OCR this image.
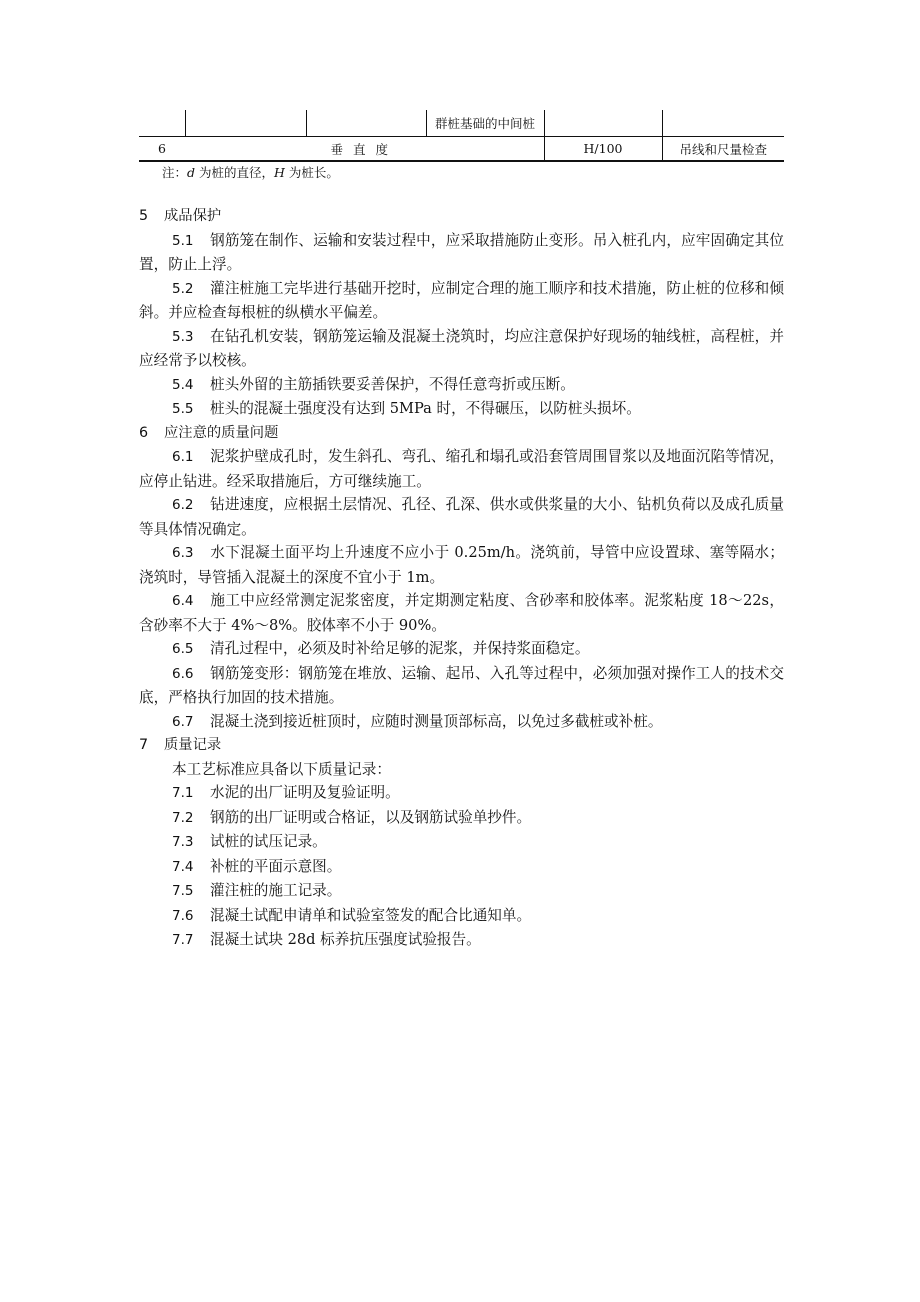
			群桩基础的中间桩		
6	垂直度			H/100	吊线和尺量检查
注：d 为桩的直径，H 为桩长。

5 成品保护

5.1 钢筋笼在制作、运输和安装过程中，应采取措施防止变形。吊入桩孔内，应牢固确定其位置，防止上浮。

5.2 灌注桩施工完毕进行基础开挖时，应制定合理的施工顺序和技术措施，防止桩的位移和倾斜。并应检查每根桩的纵横水平偏差。

5.3 在钻孔机安装，钢筋笼运输及混凝土浇筑时，均应注意保护好现场的轴线桩，高程桩，并应经常予以校核。

5.4 桩头外留的主筋插铁要妥善保护，不得任意弯折或压断。

5.5 桩头的混凝土强度没有达到 5MPa 时，不得碾压，以防桩头损坏。

6 应注意的质量问题

6.1 泥浆护壁成孔时，发生斜孔、弯孔、缩孔和塌孔或沿套管周围冒浆以及地面沉陷等情况，应停止钻进。经采取措施后，方可继续施工。

6.2 钻进速度，应根据土层情况、孔径、孔深、供水或供浆量的大小、钻机负荷以及成孔质量等具体情况确定。

6.3 水下混凝土面平均上升速度不应小于 0.25m/h。浇筑前，导管中应设置球、塞等隔水；浇筑时，导管插入混凝土的深度不宜小于 1m。

6.4 施工中应经常测定泥浆密度，并定期测定粘度、含砂率和胶体率。泥浆粘度 18～22s，含砂率不大于 4%～8%。胶体率不小于 90%。

6.5 清孔过程中，必须及时补给足够的泥浆，并保持浆面稳定。

6.6 钢筋笼变形：钢筋笼在堆放、运输、起吊、入孔等过程中，必须加强对操作工人的技术交底，严格执行加固的技术措施。

6.7 混凝土浇到接近桩顶时，应随时测量顶部标高，以免过多截桩或补桩。

7 质量记录

本工艺标准应具备以下质量记录：

7.1 水泥的出厂证明及复验证明。

7.2 钢筋的出厂证明或合格证，以及钢筋试验单抄件。

7.3 试桩的试压记录。

7.4 补桩的平面示意图。

7.5 灌注桩的施工记录。

7.6 混凝土试配申请单和试验室签发的配合比通知单。

7.7 混凝土试块 28d 标养抗压强度试验报告。
